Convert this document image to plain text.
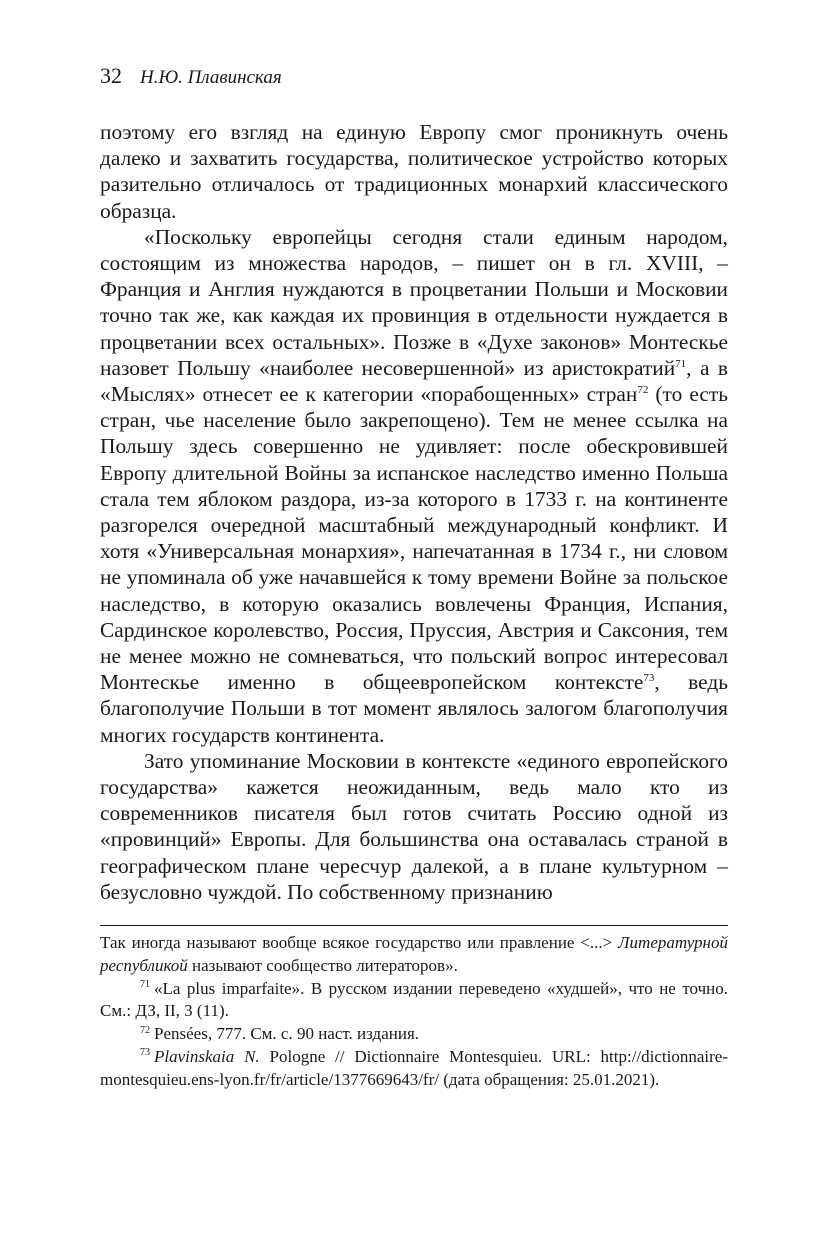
32 Н.Ю. Плавинская

поэтому его взгляд на единую Европу смог проникнуть очень далеко и захватить государства, политическое устройство которых разительно отличалось от традиционных монархий классического образца.

«Поскольку европейцы сегодня стали единым народом, состоящим из множества народов, – пишет он в гл. XVIII, – Франция и Англия нуждаются в процветании Польши и Московии точно так же, как каждая их провинция в отдельности нуждается в процветании всех остальных». Позже в «Духе законов» Монтескье назовет Польшу «наиболее несовершенной» из аристократий$^{71}$, а в «Мыслях» отнесет ее к категории «порабощенных» стран$^{72}$ (то есть стран, чье население было закрепощено). Тем не менее ссылка на Польшу здесь совершенно не удивляет: после обескровившей Европу длительной Войны за испанское наследство именно Польша стала тем яблоком раздора, из-за которого в 1733 г. на континенте разгорелся очередной масштабный международный конфликт. И хотя «Универсальная монархия», напечатанная в 1734 г., ни словом не упоминала об уже начавшейся к тому времени Войне за польское наследство, в которую оказались вовлечены Франция, Испания, Сардинское королевство, Россия, Пруссия, Австрия и Саксония, тем не менее можно не сомневаться, что польский вопрос интересовал Монтескье именно в общеевропейском контексте$^{73}$, ведь благополучие Польши в тот момент являлось залогом благополучия многих государств континента.

Зато упоминание Московии в контексте «единого европейского государства» кажется неожиданным, ведь мало кто из современников писателя был готов считать Россию одной из «провинций» Европы. Для большинства она оставалась страной в географическом плане чересчур далекой, а в плане культурном – безусловно чуждой. По собственному признанию

Так иногда называют вообще всякое государство или правление <...> Литературной республикой называют сообщество литераторов».

$^{71}$ «La plus imparfaite». В русском издании переведено «худшей», что не точно. См.: ДЗ, II, 3 (11).

$^{72}$ Pensées, 777. См. с. 90 наст. издания.

$^{73}$ Plavinskaia N. Pologne // Dictionnaire Montesquieu. URL: http://dictionnaire-montesquieu.ens-lyon.fr/fr/article/1377669643/fr/ (дата обращения: 25.01.2021).
